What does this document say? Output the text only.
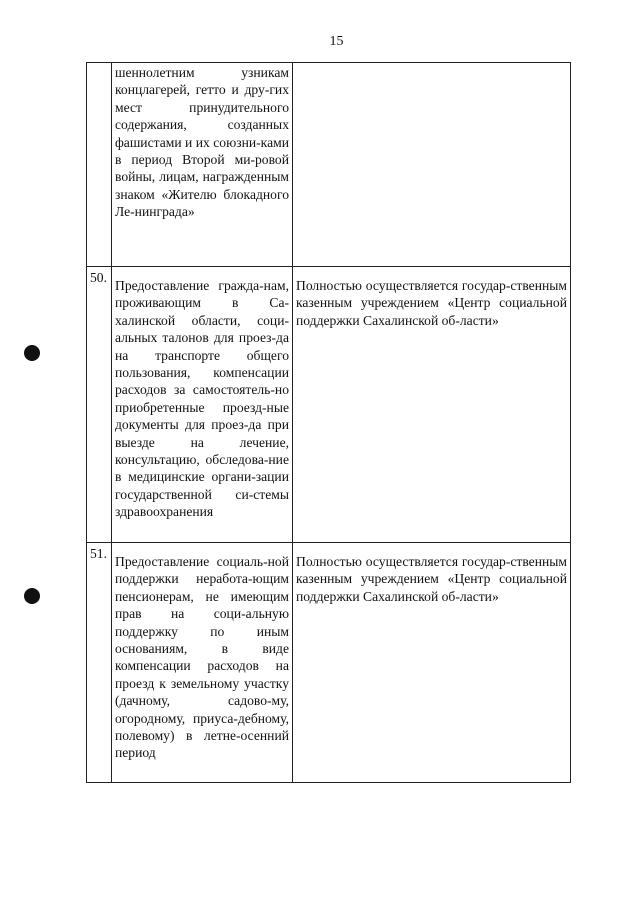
15

	шеннолетним узникам концлагерей, гетто и дру-гих мест принудительного содержания, созданных фашистами и их союзни-ками в период Второй ми-ровой войны, лицам, награжденным знаком «Жителю блокадного Ле-нинграда»	

50.	Предоставление гражда-нам, проживающим в Са-халинской области, соци-альных талонов для проез-да на транспорте общего пользования, компенсации расходов за самостоятель-но приобретенные проезд-ные документы для проез-да при выезде на лечение, консультацию, обследова-ние в медицинские органи-зации государственной си-стемы здравоохранения	Полностью осуществляется государ-ственным казенным учреждением «Центр социальной поддержки Сахалинской об-ласти»

51.	Предоставление социаль-ной поддержки неработа-ющим пенсионерам, не имеющим прав на соци-альную поддержку по иным основаниям, в виде компенсации расходов на проезд к земельному участку (дачному, садово-му, огородному, приуса-дебному, полевому) в летне-осенний период	Полностью осуществляется государ-ственным казенным учреждением «Центр социальной поддержки Сахалинской об-ласти»
